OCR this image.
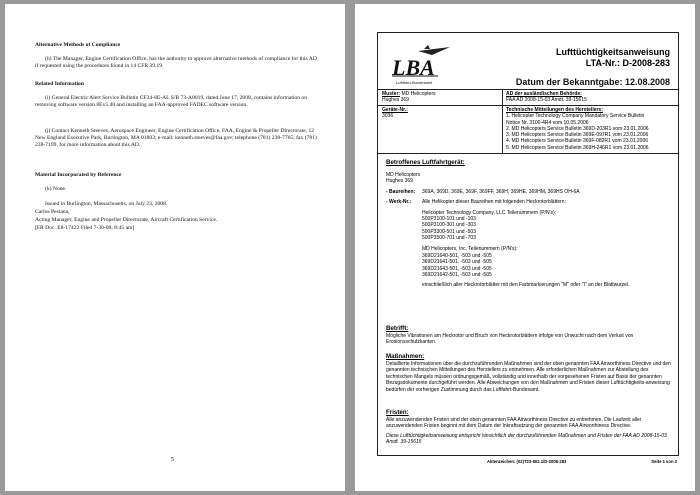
Alternative Methods of Compliance
(h) The Manager, Engine Certification Office, has the authority to approve alternative methods of compliance for this AD if requested using the procedures found in 14 CFR 39.19.
Related Information
(i) General Electric Alert Service Bulletin CF34-8E-AL S/B 73-A0019, dated June 17, 2008, contains information on removing software version 8Ev5.40 and installing an FAA-approved FADEC software version.
(j) Contact Kenneth Steeves, Aerospace Engineer, Engine Certification Office, FAA, Engine & Propeller Directorate, 12 New England Executive Park, Burlington, MA 01803; e-mail: kenneth.steeves@faa.gov; telephone (781) 238-7765; fax (781) 238-7199, for more information about this AD.
Material Incorporated by Reference
(k) None.
Issued in Burlington, Massachusetts, on July 23, 2008.
Carlos Pestana,
Acting Manager, Engine and Propeller Directorate, Aircraft Certification Service.
[FR Doc. E8-17422 Filed 7-30-08; 8:45 am]
5
LBA
Luftfahrt-Bundesamt
Lufttüchtigkeitsanweisung
LTA-Nr.: D-2008-283
Datum der Bekanntgabe: 12.08.2008
Muster: MD Helicopters
Hughes 369
Geräte-Nr.:
3036
AD der ausländischen Behörde:
FAA AD 2008-15-03 Amdt. 39-15615
Technische Mitteilungen des Herstellers:
1. Helicopter Technology Company Mandatory Service Bulletin
Notice Nr. 3100-4R4 vom 10.05.2006
2. MD Helicopters Service Bulletin 369D-203R1 vom 23.01.2006
3. MD Helicopters Service Bulletin 369E-097R1 vom 23.01.2006
4. MD Helicopters Service Bulletin 369F-082R1 vom 23.01.2006
5. MD Helicopters Service Bulletin 369H-246R1 vom 23.01.2006
Betroffenes Luftfahrtgerät:
MD Helicopters
Hughes 369
- Baureihen:	369A, 369D, 369E, 369F, 369FF, 369H, 369HE, 369HM, 369HS OH-6A
- Werk-Nr.:	Alle Helikopter dieser Baureihen mit folgenden Heckrotorblättern:
Helicopter Technology Company, LLC Teilenummern (P/N's):
500P3100-101 und -103
500P3100-301 und -303
500P3300-501 und -503
500P3500-701 und -703
MD Helicopters, Inc. Teilenummern (P/N's):
369D21640-501, -503 und -505
369D21641-501, -503 und -505
369D21643-501, -503 und -505
369D21642-501, -503 und -505
einschließlich aller Heckrotorblätter mit den Farbmarkierungen "M" oder "I" an der Blattwurzel.
Betrifft:
Mögliche Vibrationen am Heckrotor und Bruch von Heckrotorblättern infolge von Unwucht nach dem Verlust von Erosionsschutzkanten.
Maßnahmen:
Detaillierte Informationen über die durchzuführenden Maßnahmen sind der oben genannten FAA Airworthiness Directive und den genannten technischen Mitteilungen des Herstellers zu entnehmen. Alle erforderlichen Maßnahmen zur Abstellung des technischen Mangels müssen ordnungsgemäß, vollständig und innerhalb der vorgesehenen Fristen auf Basis der genannten Bezugsdokumente durchgeführt werden. Alle Abweichungen von den Maßnahmen und Fristen dieser Lufttüchtigkeits-anweisung bedürfen der vorherigen Zustimmung durch das Luftfahrt-Bundesamt.
Fristen:
Alle anzuwendenden Fristen sind der oben genannten FAA Airworthiness Directive zu entnehmen. Die Laufzeit aller anzuwendenden Fristen beginnt mit dem Datum der Inkraftsetzung der genannten FAA Airworthiness Directive.
Diese Lufttüchtigkeitsanweisung entspricht hinsichtlich der durchzuführenden Maßnahmen und Fristen der FAA AD 2008-15-03 Amdt. 39-15615
Aktenzeichen: (02)T23-502.1/D-2008-283	Seite 1 von 2
